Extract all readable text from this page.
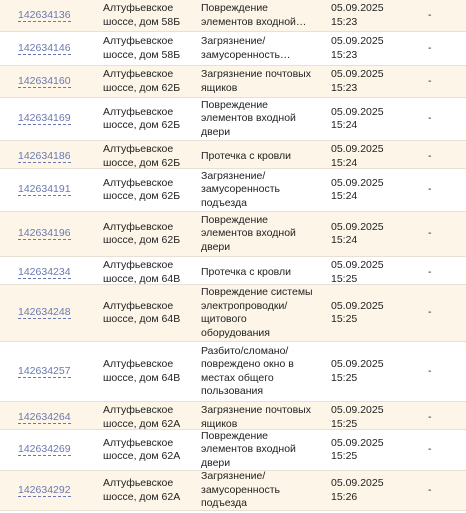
142634136
Алтуфьевское
шоссе, дом 58Б
Повреждение
элементов входной…
05.09.2025
15:23
-
142634146
Алтуфьевское
шоссе, дом 58Б
Загрязнение/
замусоренность…
05.09.2025
15:23
-
142634160
Алтуфьевское
шоссе, дом 62Б
Загрязнение почтовых
ящиков
05.09.2025
15:23
-
142634169
Алтуфьевское
шоссе, дом 62Б
Повреждение
элементов входной
двери
05.09.2025
15:24
-
142634186
Алтуфьевское
шоссе, дом 62Б
Протечка с кровли
05.09.2025
15:24
-
142634191
Алтуфьевское
шоссе, дом 62Б
Загрязнение/
замусоренность
подъезда
05.09.2025
15:24
-
142634196
Алтуфьевское
шоссе, дом 62Б
Повреждение
элементов входной
двери
05.09.2025
15:24
-
142634234
Алтуфьевское
шоссе, дом 64В
Протечка с кровли
05.09.2025
15:25
-
142634248
Алтуфьевское
шоссе, дом 64В
Повреждение системы
электропроводки/
щитового
оборудования
05.09.2025
15:25
-
142634257
Алтуфьевское
шоссе, дом 64В
Разбито/сломано/
повреждено окно в
местах общего
пользования
05.09.2025
15:25
-
142634264
Алтуфьевское
шоссе, дом 62А
Загрязнение почтовых
ящиков
05.09.2025
15:25
-
142634269
Алтуфьевское
шоссе, дом 62А
Повреждение
элементов входной
двери
05.09.2025
15:25
-
142634292
Алтуфьевское
шоссе, дом 62А
Загрязнение/
замусоренность
подъезда
05.09.2025
15:26
-
